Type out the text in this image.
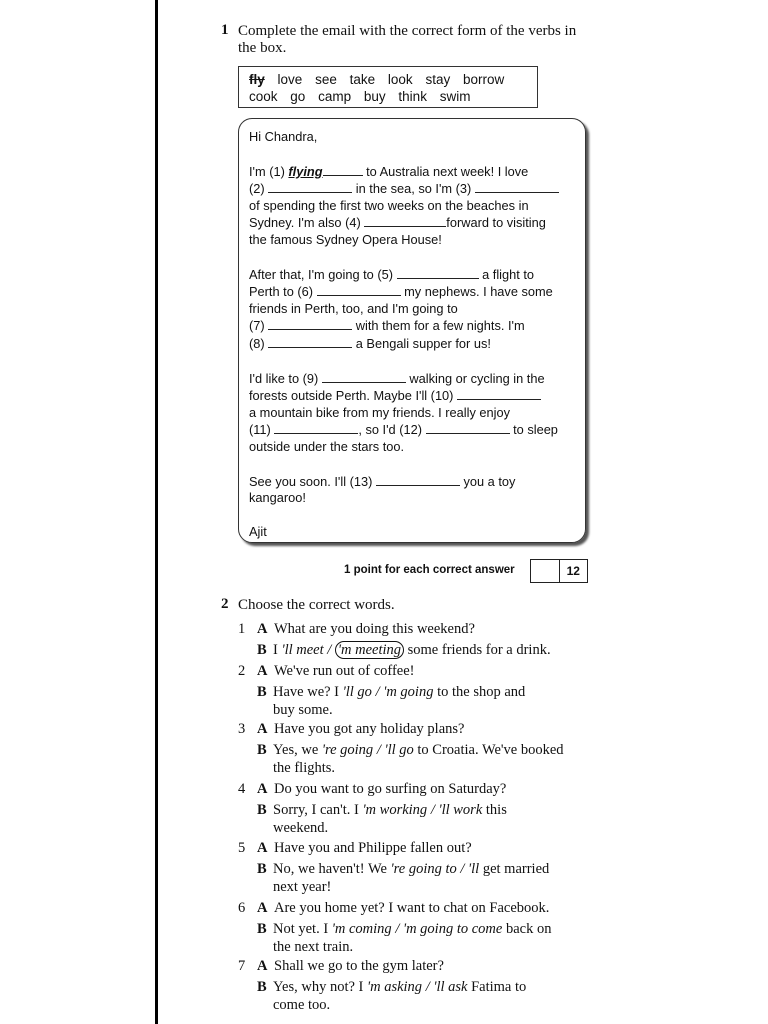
1 Complete the email with the correct form of the verbs in the box.
fly love see take look stay borrow
cook go camp buy think swim

Hi Chandra,

I'm (1) flying	to Australia next week! I love

(2)	in the sea, so I'm (3)

of spending the first two weeks on the beaches in

Sydney. I'm also (4)	forward to visiting

the famous Sydney Opera House!

After that, I'm going to (5)	a flight to

Perth to (6)	my nephews. I have some

friends in Perth, too, and I'm going to

(7)	with them for a few nights. I'm

(8)	a Bengali supper for us!

I'd like to (9)	walking or cycling in the

forests outside Perth. Maybe I'll (10)

a mountain bike from my friends. I really enjoy

(11)	, so I'd (12)	to sleep

outside under the stars too.

See you soon. I'll (13)	you a toy

kangaroo!

Ajit

1 point for each correct answer	12
2 Choose the correct words.
1 A What are you doing this weekend?
B I 'll meet / 'm meeting some friends for a drink.
2 A We've run out of coffee!
B Have we? I 'll go / 'm going to the shop and
buy some.
3 A Have you got any holiday plans?
B Yes, we 're going / 'll go to Croatia. We've booked
the flights.
4 A Do you want to go surfing on Saturday?
B Sorry, I can't. I 'm working / 'll work this
weekend.
5 A Have you and Philippe fallen out?
B No, we haven't! We 're going to / 'll get married
next year!
6 A Are you home yet? I want to chat on Facebook.
B Not yet. I 'm coming / 'm going to come back on
the next train.
7 A Shall we go to the gym later?
B Yes, why not? I 'm asking / 'll ask Fatima to
come too.
